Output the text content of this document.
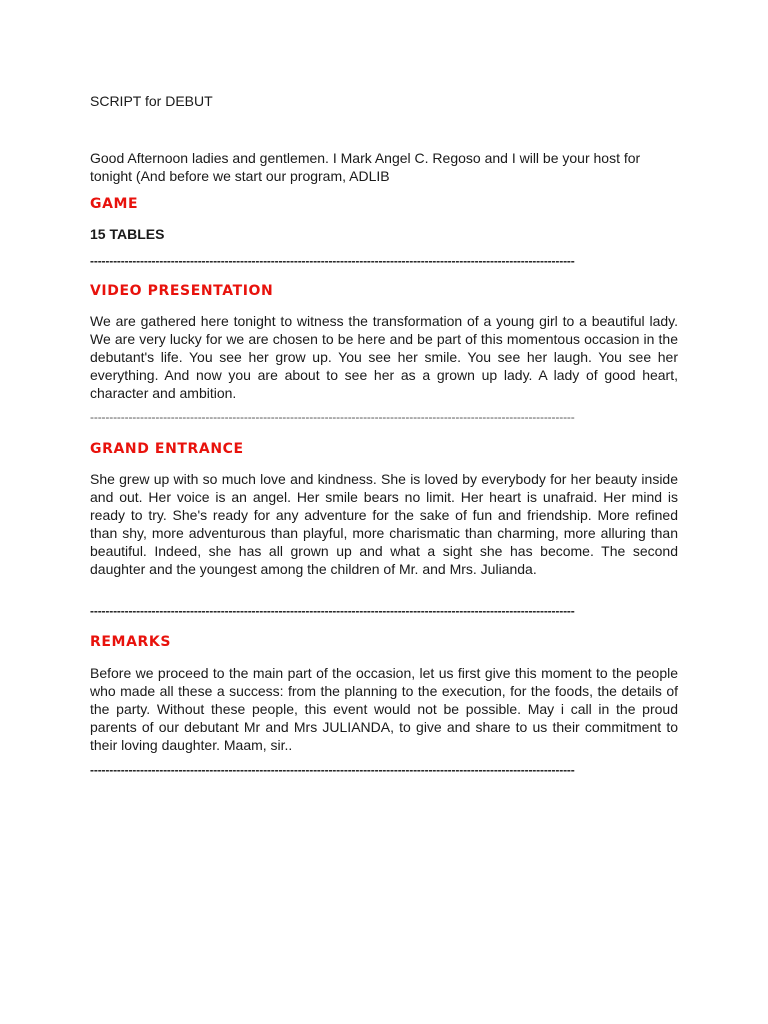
SCRIPT for DEBUT
Good Afternoon ladies and gentlemen. I Mark Angel C. Regoso and I will be your host for tonight (And before we start our program, ADLIB
GAME
15 TABLES
------------------------------------------------------------------------------------------------------------------------------
VIDEO PRESENTATION
We are gathered here tonight to witness the transformation of a young girl to a beautiful lady. We are very lucky for we are chosen to be here and be part of this momentous occasion in the debutant's life. You see her grow up. You see her smile. You see her laugh. You see her everything. And now you are about to see her as a grown up lady. A lady of good heart, character and ambition.
------------------------------------------------------------------------------------------------------------------------------
GRAND ENTRANCE
She grew up with so much love and kindness. She is loved by everybody for her beauty inside and out. Her voice is an angel. Her smile bears no limit. Her heart is unafraid. Her mind is ready to try. She's ready for any adventure for the sake of fun and friendship. More refined than shy, more adventurous than playful, more charismatic than charming, more alluring than beautiful. Indeed, she has all grown up and what a sight she has become. The second daughter and the youngest among the children of Mr. and Mrs. Julianda.
------------------------------------------------------------------------------------------------------------------------------
REMARKS
Before we proceed to the main part of the occasion, let us first give this moment to the people who made all these a success: from the planning to the execution, for the foods, the details of the party. Without these people, this event would not be possible. May i call in the proud parents of our debutant Mr and Mrs JULIANDA, to give and share to us their commitment to their loving daughter. Maam, sir..
------------------------------------------------------------------------------------------------------------------------------
